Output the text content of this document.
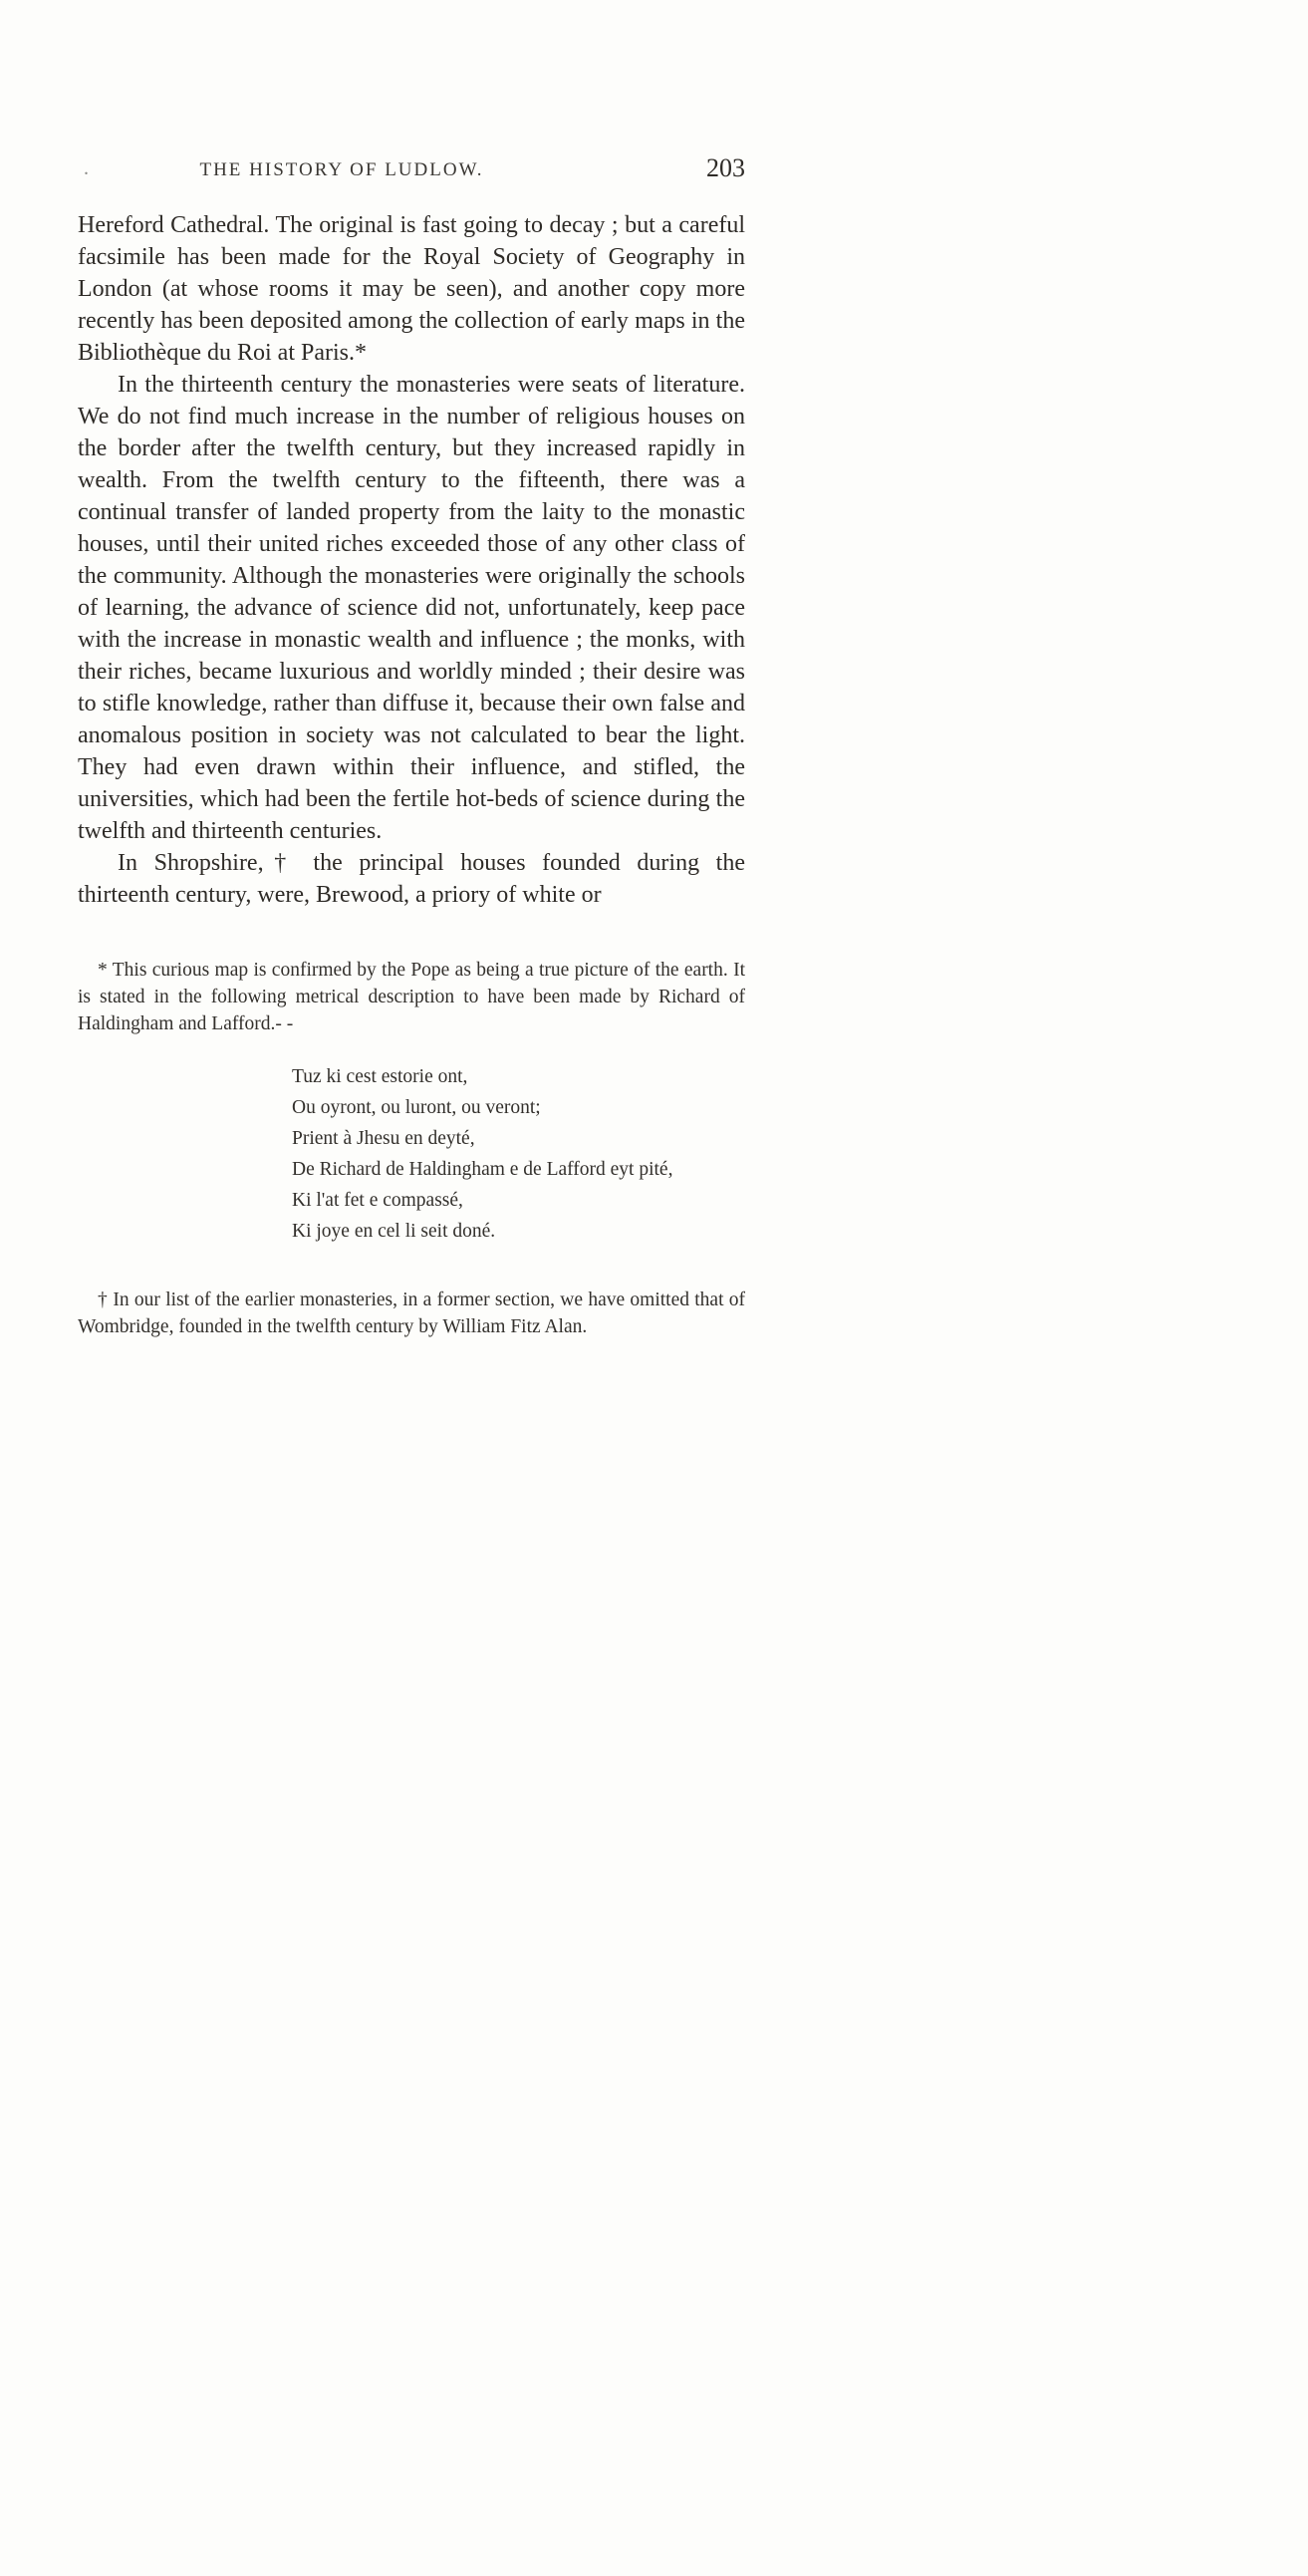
.	THE HISTORY OF LUDLOW.	203

Hereford Cathedral. The original is fast going to decay ; but a careful facsimile has been made for the Royal Society of Geography in London (at whose rooms it may be seen), and another copy more recently has been deposited among the collection of early maps in the Bibliothèque du Roi at Paris.*

In the thirteenth century the monasteries were seats of literature. We do not find much increase in the number of religious houses on the border after the twelfth century, but they increased rapidly in wealth. From the twelfth century to the fifteenth, there was a continual transfer of landed property from the laity to the monastic houses, until their united riches exceeded those of any other class of the community. Although the monasteries were originally the schools of learning, the advance of science did not, unfortunately, keep pace with the increase in monastic wealth and influence ; the monks, with their riches, became luxurious and worldly minded ; their desire was to stifle knowledge, rather than diffuse it, because their own false and anomalous position in society was not calculated to bear the light. They had even drawn within their influence, and stifled, the universities, which had been the fertile hot-beds of science during the twelfth and thirteenth centuries.

In Shropshire,† the principal houses founded during the thirteenth century, were, Brewood, a priory of white or

* This curious map is confirmed by the Pope as being a true picture of the earth. It is stated in the following metrical description to have been made by Richard of Haldingham and Lafford.- -

Tuz ki cest estorie ont,
Ou oyront, ou luront, ou veront;
Prient à Jhesu en deyté,
De Richard de Haldingham e de Lafford eyt pité,
Ki l'at fet e compassé,
Ki joye en cel li seit doné.

† In our list of the earlier monasteries, in a former section, we have omitted that of Wombridge, founded in the twelfth century by William Fitz Alan.
